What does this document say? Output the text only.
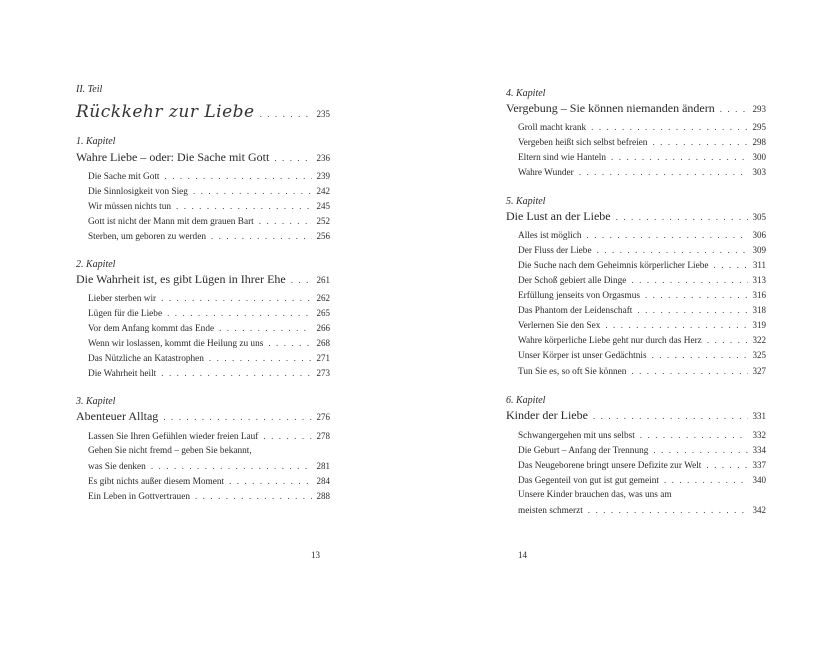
II. Teil
Rückkehr zur Liebe . . .	235
1. Kapitel
Wahre Liebe – oder: Die Sache mit Gott . . .	236
Die Sache mit Gott . . .	239
Die Sinnlosigkeit von Sieg . . .	242
Wir müssen nichts tun . . .	245
Gott ist nicht der Mann mit dem grauen Bart . . .	252
Sterben, um geboren zu werden . . .	256
2. Kapitel
Die Wahrheit ist, es gibt Lügen in Ihrer Ehe . . .	261
Lieber sterben wir . . .	262
Lügen für die Liebe . . .	265
Vor dem Anfang kommt das Ende . . .	266
Wenn wir loslassen, kommt die Heilung zu uns . . .	268
Das Nützliche an Katastrophen . . .	271
Die Wahrheit heilt . . .	273
3. Kapitel
Abenteuer Alltag . . .	276
Lassen Sie Ihren Gefühlen wieder freien Lauf . . .	278
Gehen Sie nicht fremd – geben Sie bekannt,
was Sie denken . . .	281
Es gibt nichts außer diesem Moment . . .	284
Ein Leben in Gottvertrauen . . .	288
13
4. Kapitel
Vergebung – Sie können niemanden ändern . . .	293
Groll macht krank . . .	295
Vergeben heißt sich selbst befreien . . .	298
Eltern sind wie Hanteln . . .	300
Wahre Wunder . . .	303
5. Kapitel
Die Lust an der Liebe . . .	305
Alles ist möglich . . .	306
Der Fluss der Liebe . . .	309
Die Suche nach dem Geheimnis körperlicher Liebe . . .	311
Der Schoß gebiert alle Dinge . . .	313
Erfüllung jenseits von Orgasmus . . .	316
Das Phantom der Leidenschaft . . .	318
Verlernen Sie den Sex . . .	319
Wahre körperliche Liebe geht nur durch das Herz . . .	322
Unser Körper ist unser Gedächtnis . . .	325
Tun Sie es, so oft Sie können . . .	327
6. Kapitel
Kinder der Liebe . . .	331
Schwangergehen mit uns selbst . . .	332
Die Geburt – Anfang der Trennung . . .	334
Das Neugeborene bringt unsere Defizite zur Welt . . .	337
Das Gegenteil von gut ist gut gemeint . . .	340
Unsere Kinder brauchen das, was uns am
meisten schmerzt . . .	342
14
